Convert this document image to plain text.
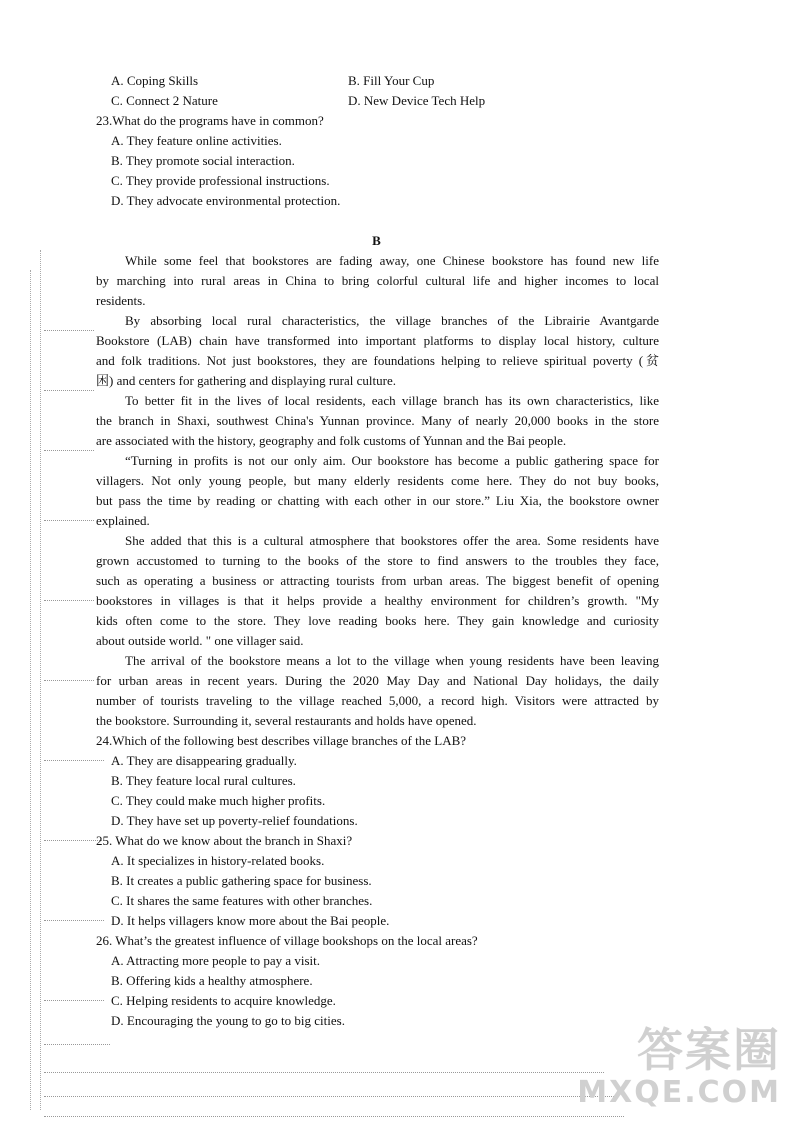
A. Coping Skills	B. Fill Your Cup
C. Connect 2 Nature	D. New Device Tech Help
23.What do the programs have in common?
A. They feature online activities.
B. They promote social interaction.
C. They provide professional instructions.
D. They advocate environmental protection.
B
While some feel that bookstores are fading away, one Chinese bookstore has found new life
by marching into rural areas in China to bring colorful cultural life and higher incomes to local
residents.
By absorbing local rural characteristics, the village branches of the Librairie Avantgarde
Bookstore (LAB) chain have transformed into important platforms to display local history, culture
and folk traditions. Not just bookstores, they are foundations helping to relieve spiritual poverty (贫
困) and centers for gathering and displaying rural culture.
To better fit in the lives of local residents, each village branch has its own characteristics, like
the branch in Shaxi, southwest China's Yunnan province. Many of nearly 20,000 books in the store
are associated with the history, geography and folk customs of Yunnan and the Bai people.
“Turning in profits is not our only aim. Our bookstore has become a public gathering space for
villagers. Not only young people, but many elderly residents come here. They do not buy books,
but pass the time by reading or chatting with each other in our store.” Liu Xia, the bookstore owner
explained.
She added that this is a cultural atmosphere that bookstores offer the area. Some residents have
grown accustomed to turning to the books of the store to find answers to the troubles they face,
such as operating a business or attracting tourists from urban areas. The biggest benefit of opening
bookstores in villages is that it helps provide a healthy environment for children’s growth. "My
kids often come to the store. They love reading books here. They gain knowledge and curiosity
about outside world. " one villager said.
The arrival of the bookstore means a lot to the village when young residents have been leaving
for urban areas in recent years. During the 2020 May Day and National Day holidays, the daily
number of tourists traveling to the village reached 5,000, a record high. Visitors were attracted by
the bookstore. Surrounding it, several restaurants and holds have opened.
24.Which of the following best describes village branches of the LAB?
A. They are disappearing gradually.
B. They feature local rural cultures.
C. They could make much higher profits.
D. They have set up poverty-relief foundations.
25. What do we know about the branch in Shaxi?
A. It specializes in history-related books.
B. It creates a public gathering space for business.
C. It shares the same features with other branches.
D. It helps villagers know more about the Bai people.
26. What’s the greatest influence of village bookshops on the local areas?
A. Attracting more people to pay a visit.
B. Offering kids a healthy atmosphere.
C. Helping residents to acquire knowledge.
D. Encouraging the young to go to big cities.
答案圈
MXQE.COM
